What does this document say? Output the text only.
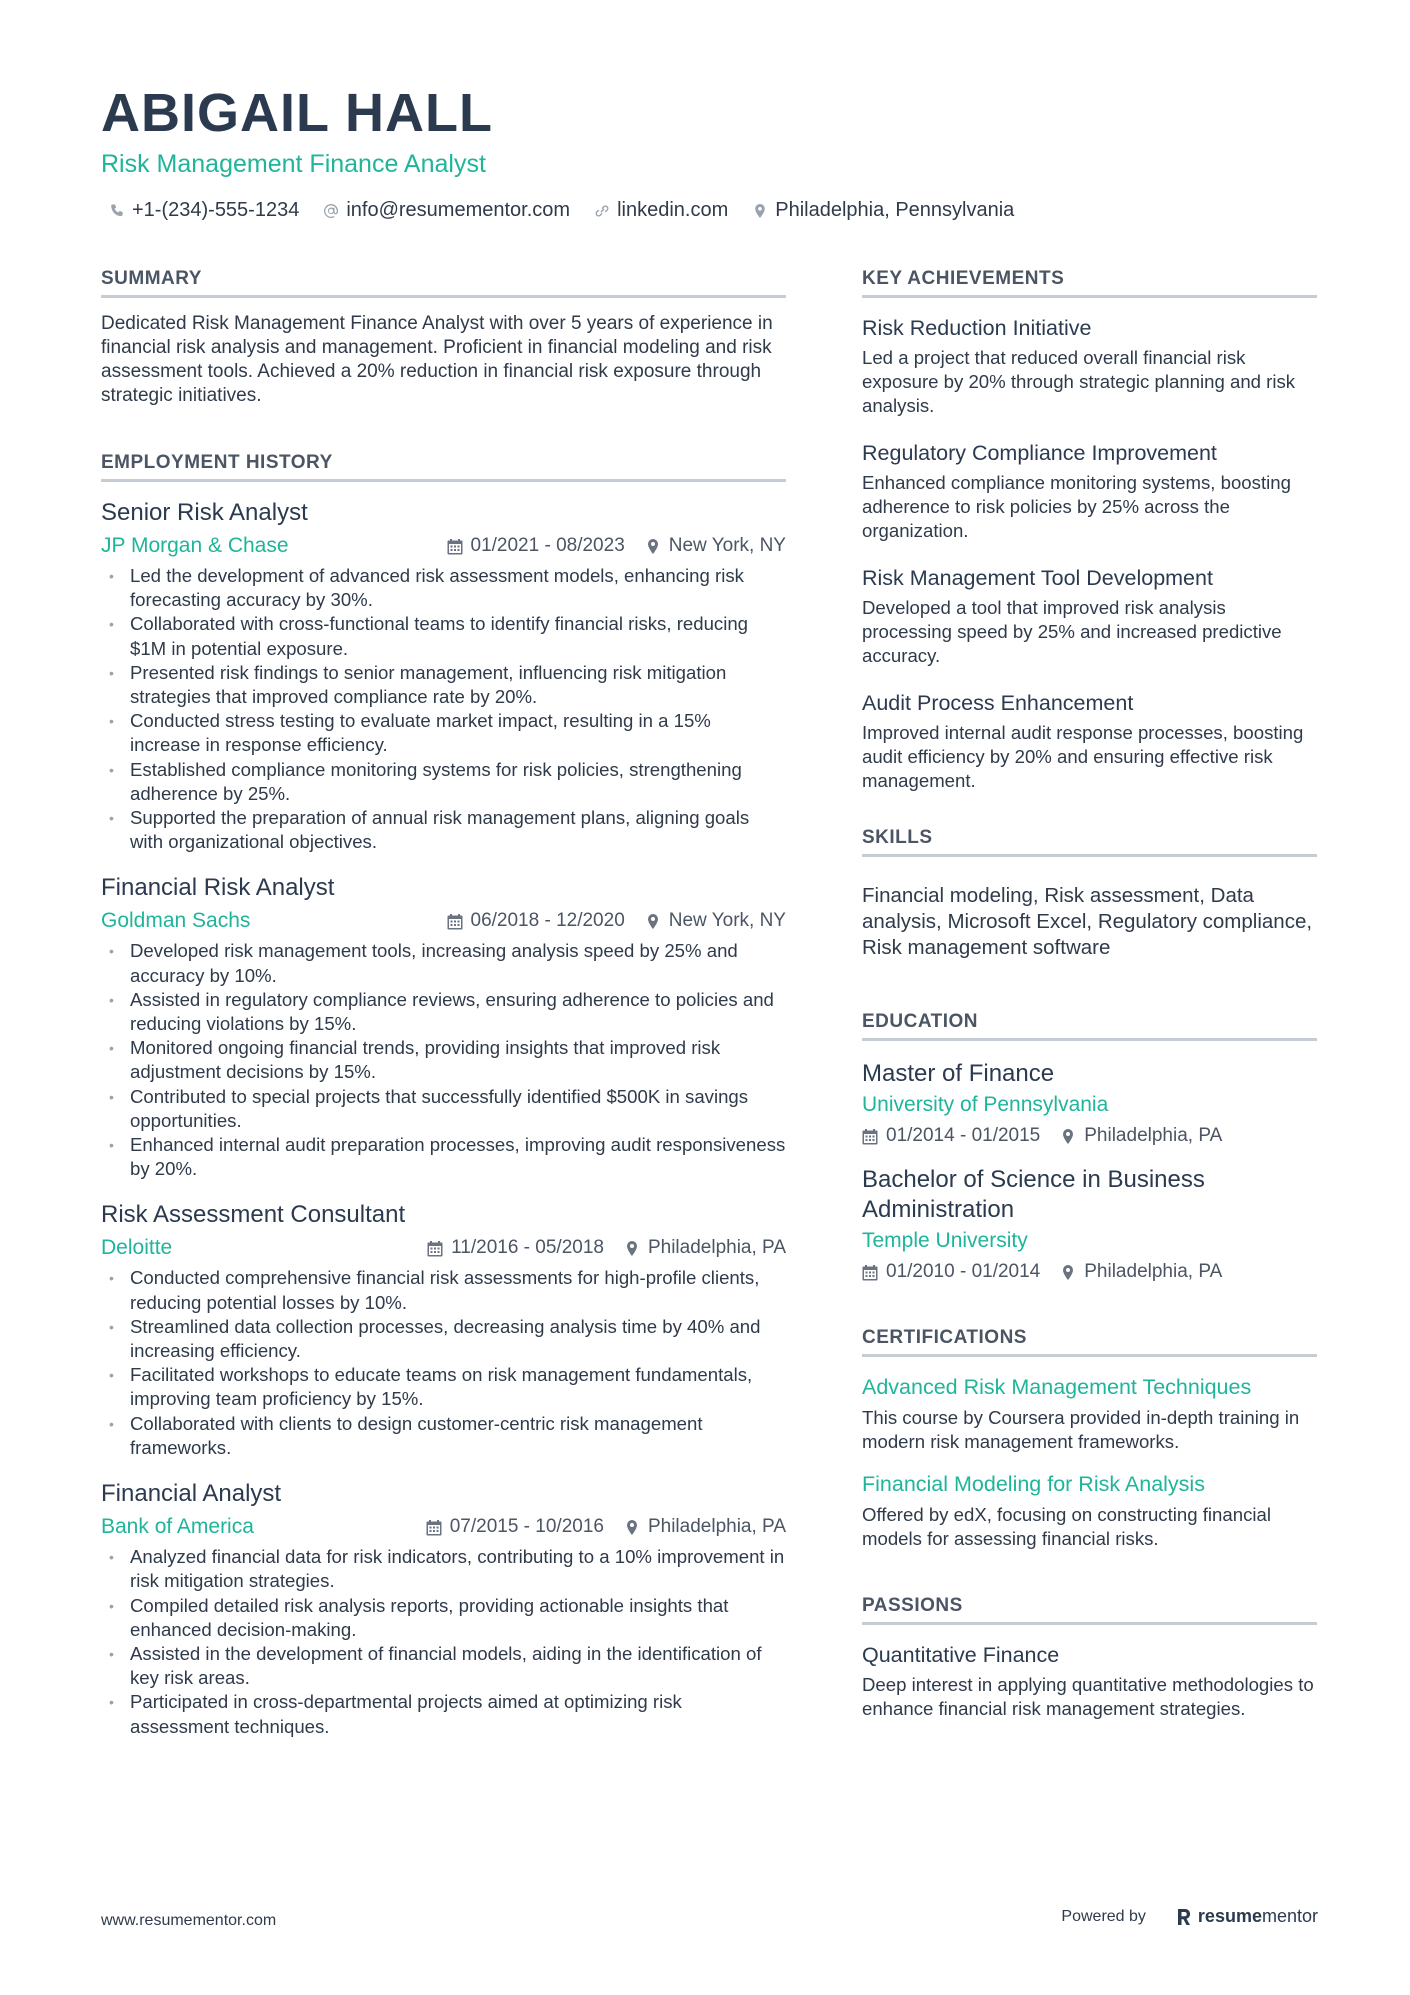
ABIGAIL HALL
Risk Management Finance Analyst
+1-(234)-555-1234 info@resumementor.com linkedin.com Philadelphia, Pennsylvania
SUMMARY

Dedicated Risk Management Finance Analyst with over 5 years of experience in financial risk analysis and management. Proficient in financial modeling and risk assessment tools. Achieved a 20% reduction in financial risk exposure through strategic initiatives.

EMPLOYMENT HISTORY
Senior Risk Analyst
JP Morgan & Chase	01/2021 - 08/2023 New York, NY
• Led the development of advanced risk assessment models, enhancing risk forecasting accuracy by 30%.
• Collaborated with cross-functional teams to identify financial risks, reducing $1M in potential exposure.
• Presented risk findings to senior management, influencing risk mitigation strategies that improved compliance rate by 20%.
• Conducted stress testing to evaluate market impact, resulting in a 15% increase in response efficiency.
• Established compliance monitoring systems for risk policies, strengthening adherence by 25%.
• Supported the preparation of annual risk management plans, aligning goals with organizational objectives.
Financial Risk Analyst
Goldman Sachs	06/2018 - 12/2020 New York, NY
• Developed risk management tools, increasing analysis speed by 25% and accuracy by 10%.
• Assisted in regulatory compliance reviews, ensuring adherence to policies and reducing violations by 15%.
• Monitored ongoing financial trends, providing insights that improved risk adjustment decisions by 15%.
• Contributed to special projects that successfully identified $500K in savings opportunities.
• Enhanced internal audit preparation processes, improving audit responsiveness by 20%.
Risk Assessment Consultant
Deloitte	11/2016 - 05/2018 Philadelphia, PA
• Conducted comprehensive financial risk assessments for high-profile clients, reducing potential losses by 10%.
• Streamlined data collection processes, decreasing analysis time by 40% and increasing efficiency.
• Facilitated workshops to educate teams on risk management fundamentals, improving team proficiency by 15%.
• Collaborated with clients to design customer-centric risk management frameworks.
Financial Analyst
Bank of America	07/2015 - 10/2016 Philadelphia, PA
• Analyzed financial data for risk indicators, contributing to a 10% improvement in risk mitigation strategies.
• Compiled detailed risk analysis reports, providing actionable insights that enhanced decision-making.
• Assisted in the development of financial models, aiding in the identification of key risk areas.
• Participated in cross-departmental projects aimed at optimizing risk assessment techniques.
KEY ACHIEVEMENTS
Risk Reduction Initiative

Led a project that reduced overall financial risk exposure by 20% through strategic planning and risk analysis.

Regulatory Compliance Improvement

Enhanced compliance monitoring systems, boosting adherence to risk policies by 25% across the organization.

Risk Management Tool Development

Developed a tool that improved risk analysis processing speed by 25% and increased predictive accuracy.

Audit Process Enhancement

Improved internal audit response processes, boosting audit efficiency by 20% and ensuring effective risk management.

SKILLS

Financial modeling, Risk assessment, Data analysis, Microsoft Excel, Regulatory compliance, Risk management software

EDUCATION
Master of Finance
University of Pennsylvania
01/2014 - 01/2015 Philadelphia, PA
Bachelor of Science in Business Administration
Temple University
01/2010 - 01/2014 Philadelphia, PA
CERTIFICATIONS
Advanced Risk Management Techniques

This course by Coursera provided in-depth training in modern risk management frameworks.

Financial Modeling for Risk Analysis

Offered by edX, focusing on constructing financial models for assessing financial risks.

PASSIONS
Quantitative Finance

Deep interest in applying quantitative methodologies to enhance financial risk management strategies.

www.resumementor.com	Powered by	resume mentor
